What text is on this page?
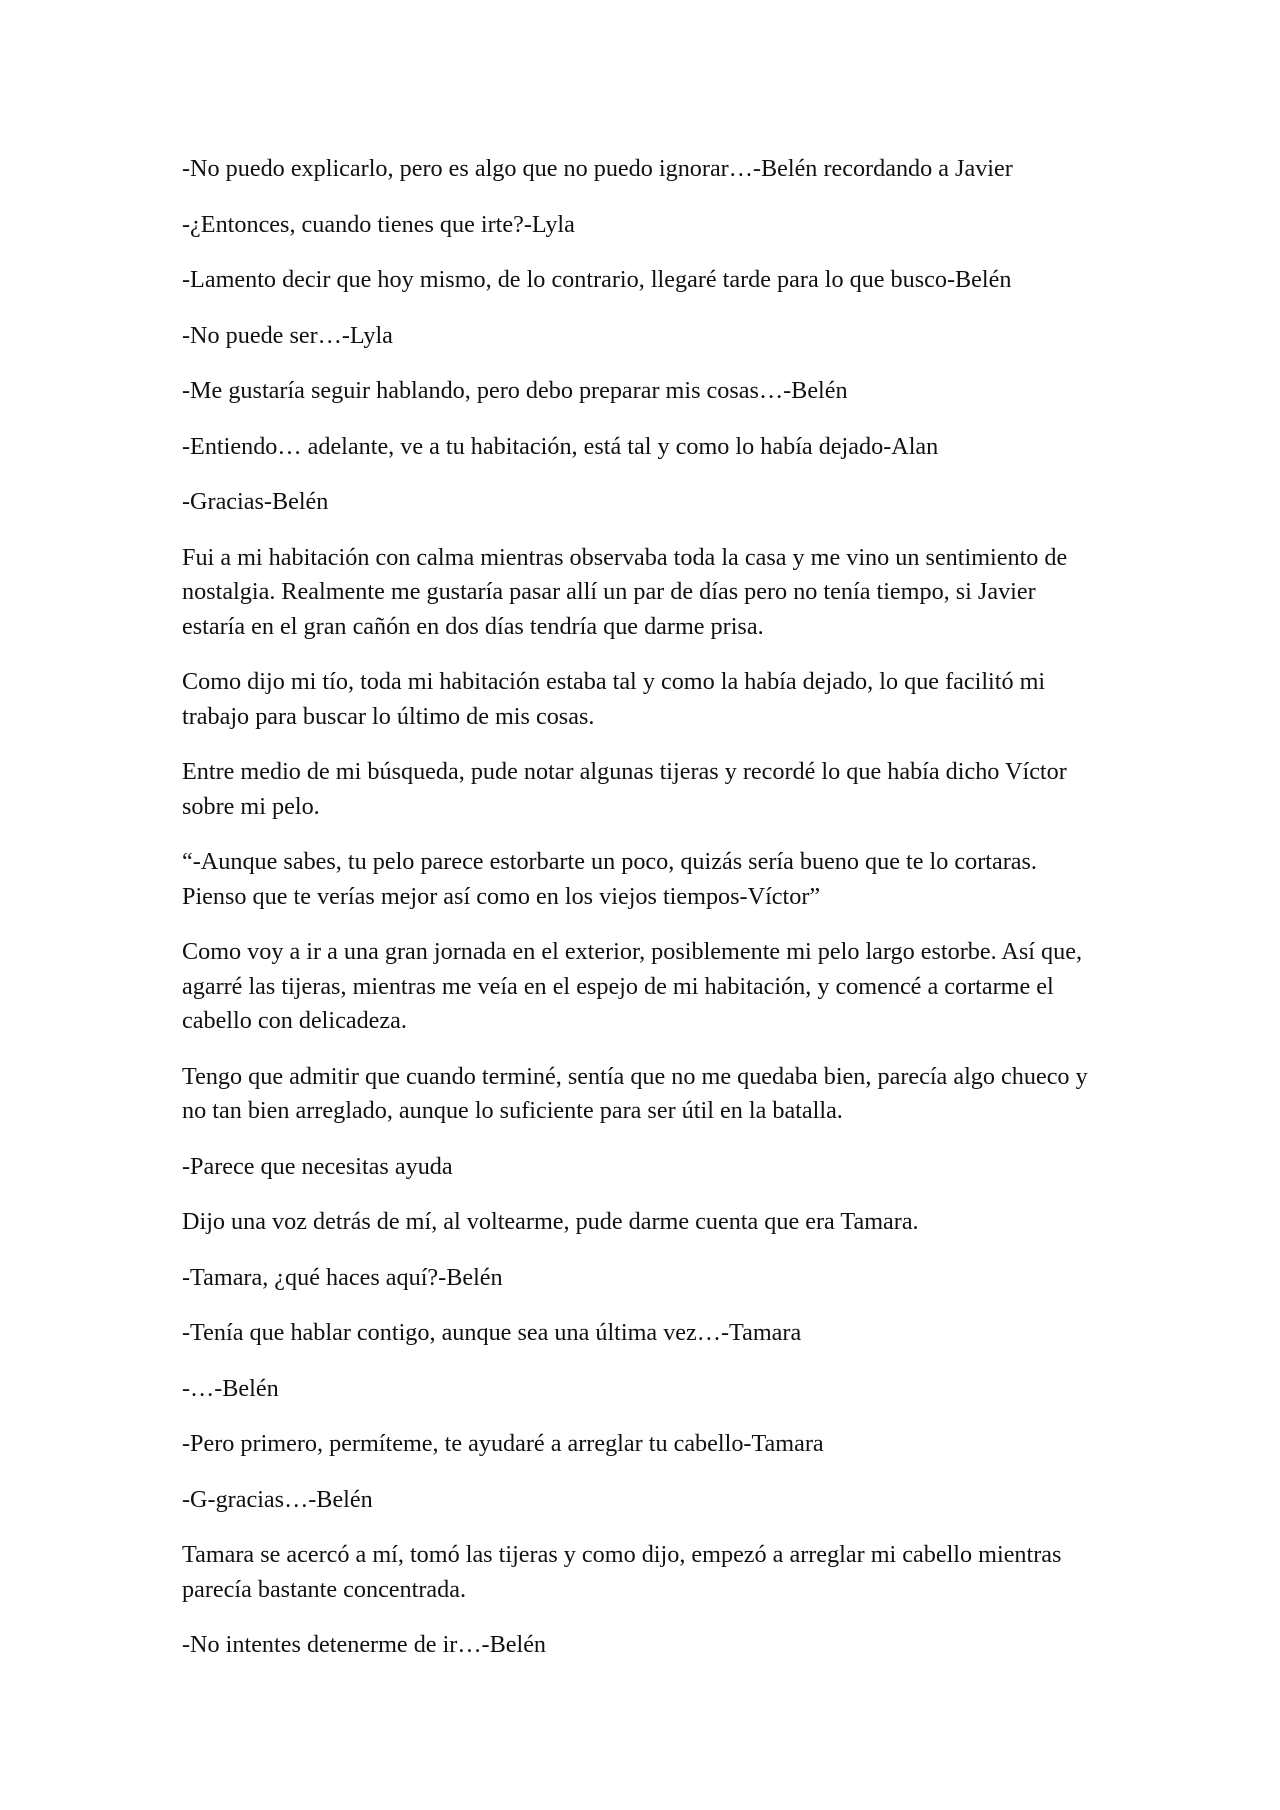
-No puedo explicarlo, pero es algo que no puedo ignorar…-Belén recordando a Javier

-¿Entonces, cuando tienes que irte?-Lyla

-Lamento decir que hoy mismo, de lo contrario, llegaré tarde para lo que busco-Belén

-No puede ser…-Lyla

-Me gustaría seguir hablando, pero debo preparar mis cosas…-Belén

-Entiendo… adelante, ve a tu habitación, está tal y como lo había dejado-Alan

-Gracias-Belén

Fui a mi habitación con calma mientras observaba toda la casa y me vino un sentimiento de nostalgia. Realmente me gustaría pasar allí un par de días pero no tenía tiempo, si Javier estaría en el gran cañón en dos días tendría que darme prisa.

Como dijo mi tío, toda mi habitación estaba tal y como la había dejado, lo que facilitó mi trabajo para buscar lo último de mis cosas.

Entre medio de mi búsqueda, pude notar algunas tijeras y recordé lo que había dicho Víctor sobre mi pelo.

“-Aunque sabes, tu pelo parece estorbarte un poco, quizás sería bueno que te lo cortaras. Pienso que te verías mejor así como en los viejos tiempos-Víctor”

Como voy a ir a una gran jornada en el exterior, posiblemente mi pelo largo estorbe. Así que, agarré las tijeras, mientras me veía en el espejo de mi habitación, y comencé a cortarme el cabello con delicadeza.

Tengo que admitir que cuando terminé, sentía que no me quedaba bien, parecía algo chueco y no tan bien arreglado, aunque lo suficiente para ser útil en la batalla.

-Parece que necesitas ayuda

Dijo una voz detrás de mí, al voltearme, pude darme cuenta que era Tamara.

-Tamara, ¿qué haces aquí?-Belén

-Tenía que hablar contigo, aunque sea una última vez…-Tamara

-…-Belén

-Pero primero, permíteme, te ayudaré a arreglar tu cabello-Tamara

-G-gracias…-Belén

Tamara se acercó a mí, tomó las tijeras y como dijo, empezó a arreglar mi cabello mientras parecía bastante concentrada.

-No intentes detenerme de ir…-Belén
